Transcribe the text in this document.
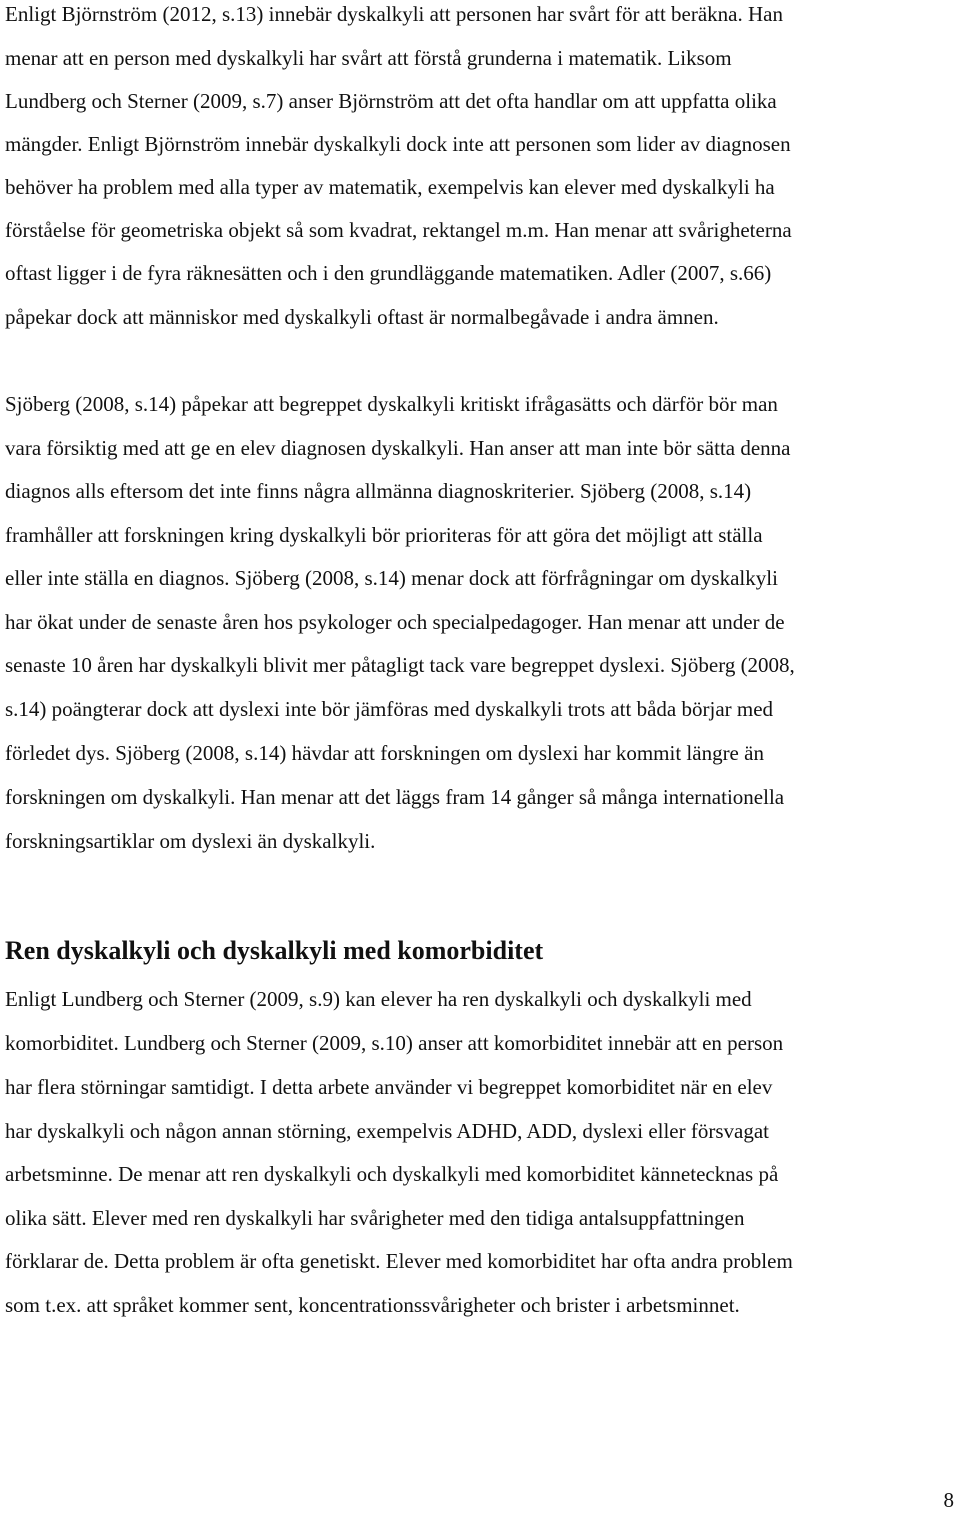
Enligt Björnström (2012, s.13) innebär dyskalkyli att personen har svårt för att beräkna. Han
menar att en person med dyskalkyli har svårt att förstå grunderna i matematik. Liksom
Lundberg och Sterner (2009, s.7) anser Björnström att det ofta handlar om att uppfatta olika
mängder. Enligt Björnström innebär dyskalkyli dock inte att personen som lider av diagnosen
behöver ha problem med alla typer av matematik, exempelvis kan elever med dyskalkyli ha
förståelse för geometriska objekt så som kvadrat, rektangel m.m. Han menar att svårigheterna
oftast ligger i de fyra räknesätten och i den grundläggande matematiken. Adler (2007, s.66)
påpekar dock att människor med dyskalkyli oftast är normalbegåvade i andra ämnen.
Sjöberg (2008, s.14) påpekar att begreppet dyskalkyli kritiskt ifrågasätts och därför bör man
vara försiktig med att ge en elev diagnosen dyskalkyli. Han anser att man inte bör sätta denna
diagnos alls eftersom det inte finns några allmänna diagnoskriterier. Sjöberg (2008, s.14)
framhåller att forskningen kring dyskalkyli bör prioriteras för att göra det möjligt att ställa
eller inte ställa en diagnos. Sjöberg (2008, s.14) menar dock att förfrågningar om dyskalkyli
har ökat under de senaste åren hos psykologer och specialpedagoger. Han menar att under de
senaste 10 åren har dyskalkyli blivit mer påtagligt tack vare begreppet dyslexi. Sjöberg (2008,
s.14) poängterar dock att dyslexi inte bör jämföras med dyskalkyli trots att båda börjar med
förledet dys. Sjöberg (2008, s.14) hävdar att forskningen om dyslexi har kommit längre än
forskningen om dyskalkyli. Han menar att det läggs fram 14 gånger så många internationella
forskningsartiklar om dyslexi än dyskalkyli.
Ren dyskalkyli och dyskalkyli med komorbiditet
Enligt Lundberg och Sterner (2009, s.9) kan elever ha ren dyskalkyli och dyskalkyli med
komorbiditet. Lundberg och Sterner (2009, s.10) anser att komorbiditet innebär att en person
har flera störningar samtidigt. I detta arbete använder vi begreppet komorbiditet när en elev
har dyskalkyli och någon annan störning, exempelvis ADHD, ADD, dyslexi eller försvagat
arbetsminne. De menar att ren dyskalkyli och dyskalkyli med komorbiditet kännetecknas på
olika sätt. Elever med ren dyskalkyli har svårigheter med den tidiga antalsuppfattningen
förklarar de. Detta problem är ofta genetiskt. Elever med komorbiditet har ofta andra problem
som t.ex. att språket kommer sent, koncentrationssvårigheter och brister i arbetsminnet.
8
